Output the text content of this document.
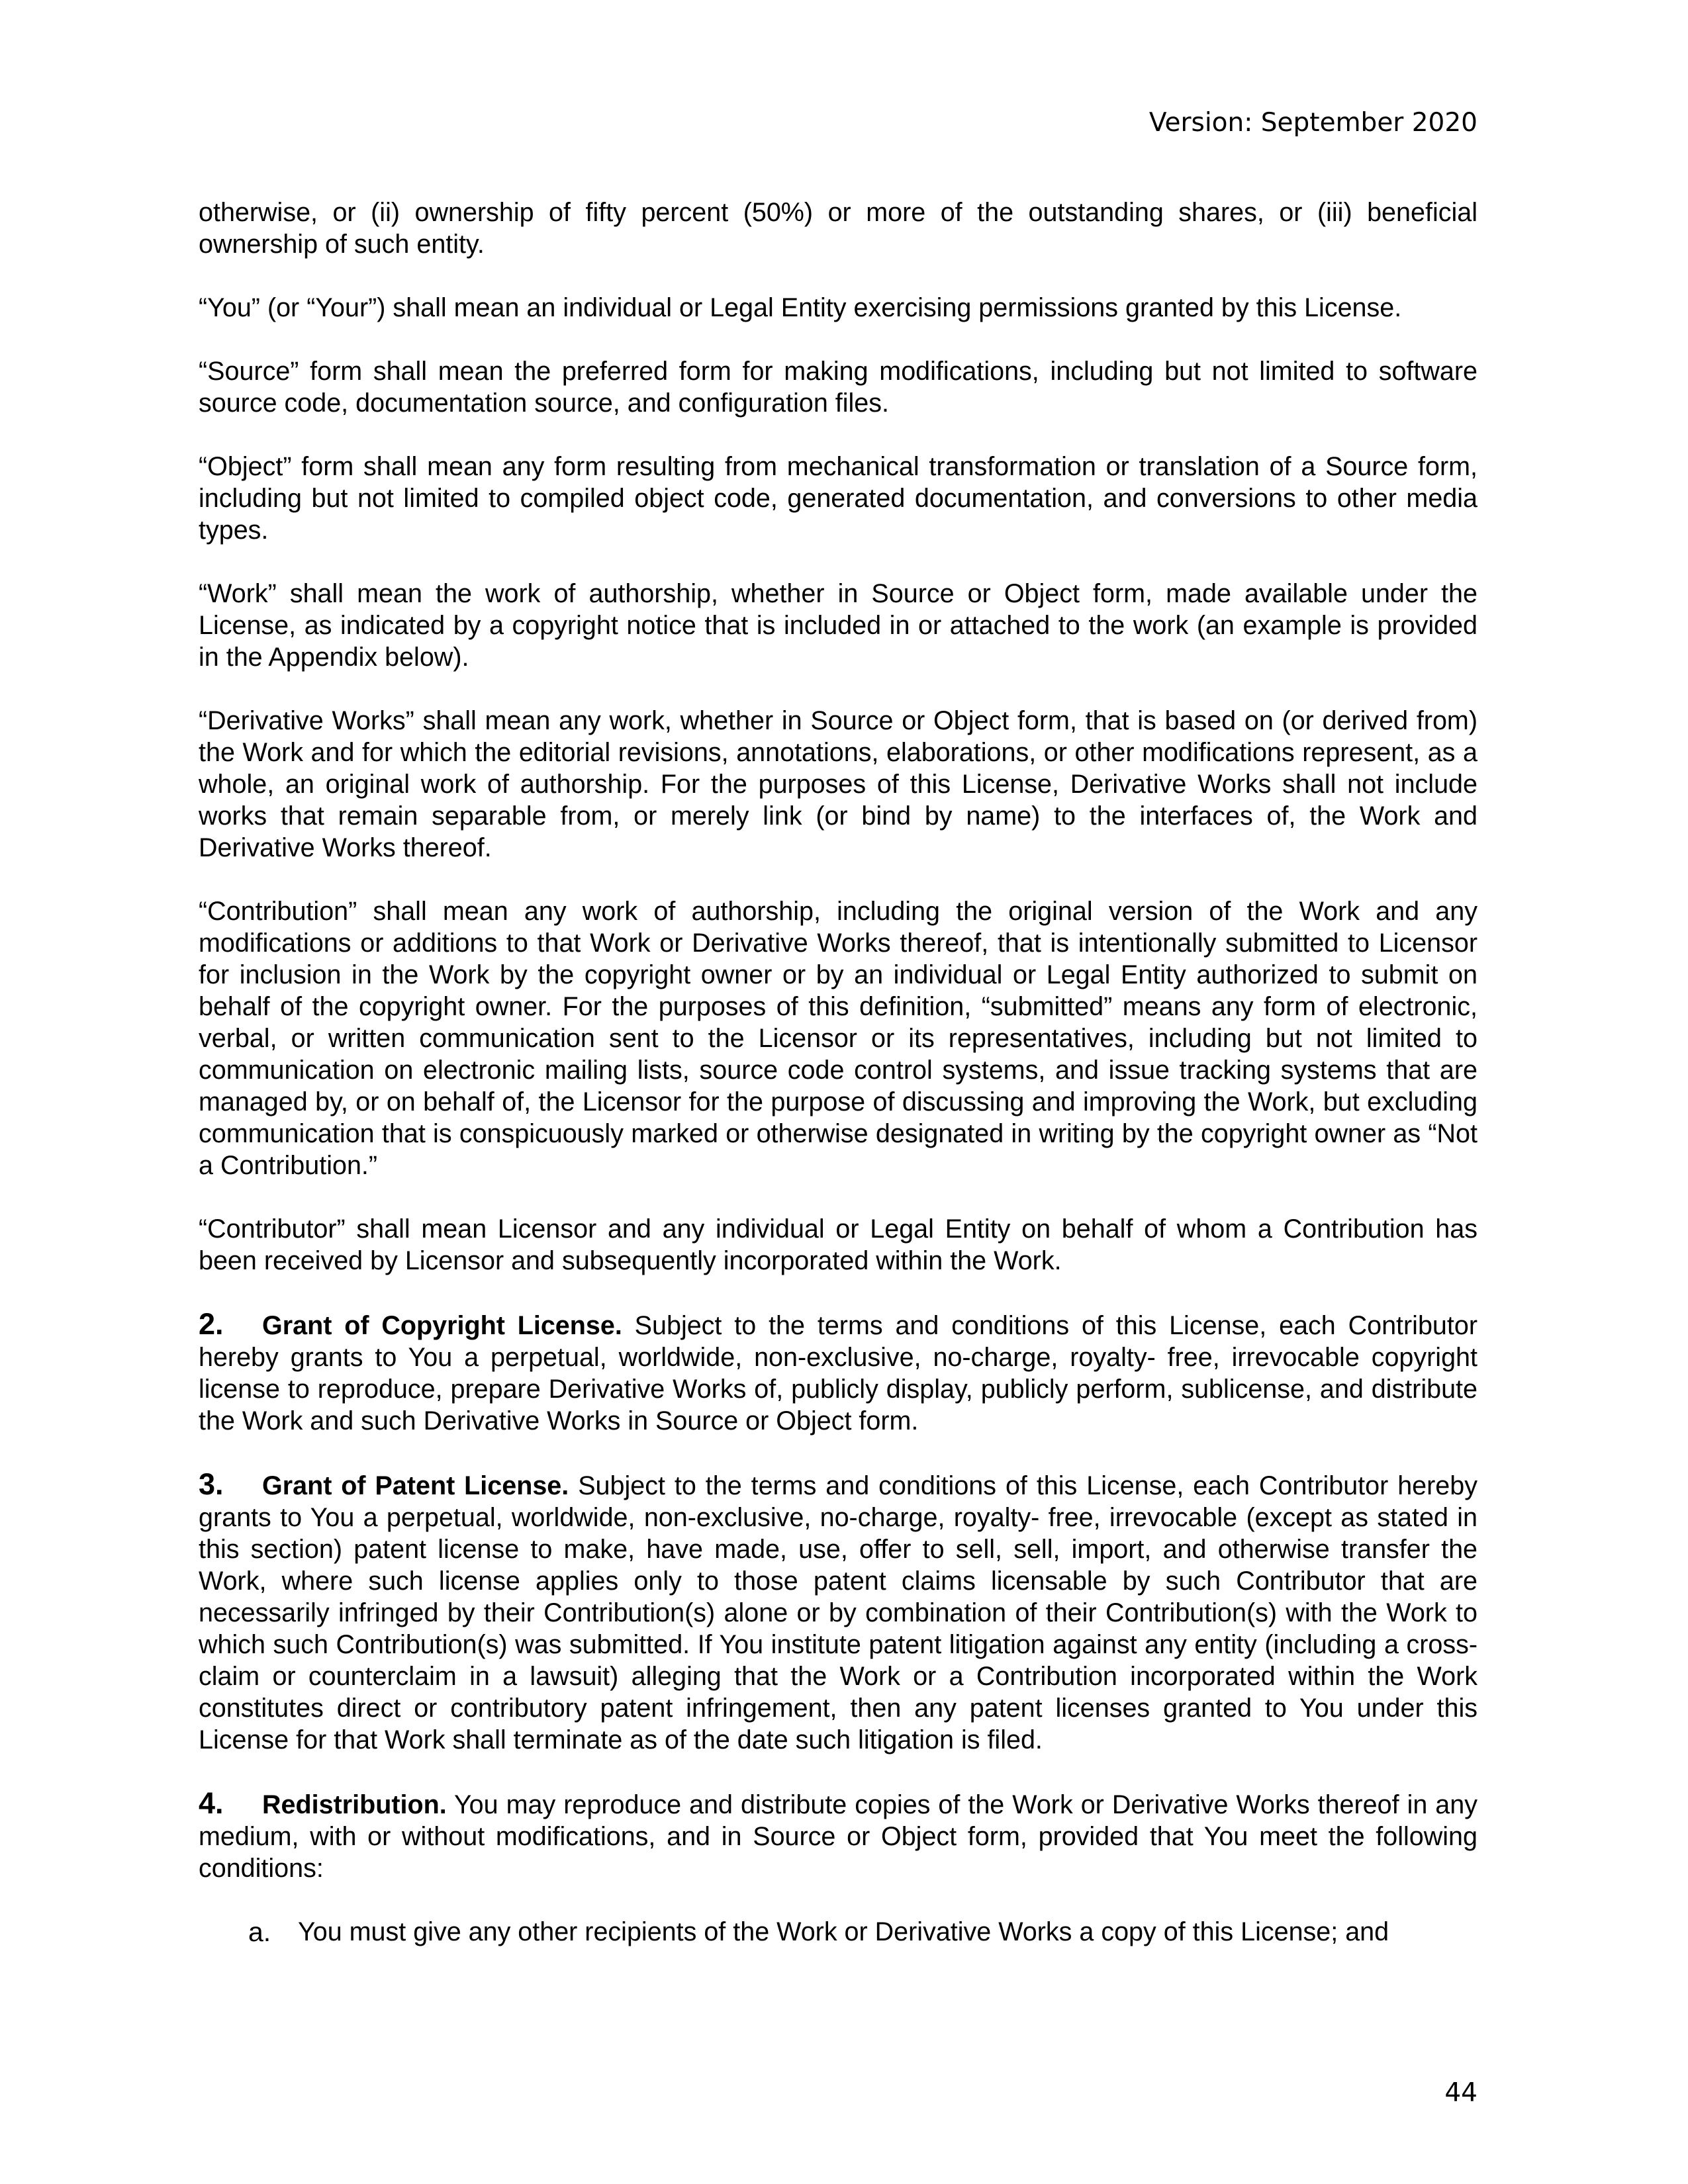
Version: September 2020

otherwise, or (ii) ownership of fifty percent (50%) or more of the outstanding shares, or (iii) beneficial ownership of such entity.

“You” (or “Your”) shall mean an individual or Legal Entity exercising permissions granted by this License.

“Source” form shall mean the preferred form for making modifications, including but not limited to software source code, documentation source, and configuration files.

“Object” form shall mean any form resulting from mechanical transformation or translation of a Source form, including but not limited to compiled object code, generated documentation, and conversions to other media types.

“Work” shall mean the work of authorship, whether in Source or Object form, made available under the License, as indicated by a copyright notice that is included in or attached to the work (an example is provided in the Appendix below).

“Derivative Works” shall mean any work, whether in Source or Object form, that is based on (or derived from) the Work and for which the editorial revisions, annotations, elaborations, or other modifications represent, as a whole, an original work of authorship. For the purposes of this License, Derivative Works shall not include works that remain separable from, or merely link (or bind by name) to the interfaces of, the Work and Derivative Works thereof.

“Contribution” shall mean any work of authorship, including the original version of the Work and any modifications or additions to that Work or Derivative Works thereof, that is intentionally submitted to Licensor for inclusion in the Work by the copyright owner or by an individual or Legal Entity authorized to submit on behalf of the copyright owner. For the purposes of this definition, “submitted” means any form of electronic, verbal, or written communication sent to the Licensor or its representatives, including but not limited to communication on electronic mailing lists, source code control systems, and issue tracking systems that are managed by, or on behalf of, the Licensor for the purpose of discussing and improving the Work, but excluding communication that is conspicuously marked or otherwise designated in writing by the copyright owner as “Not a Contribution.”

“Contributor” shall mean Licensor and any individual or Legal Entity on behalf of whom a Contribution has been received by Licensor and subsequently incorporated within the Work.

2. Grant of Copyright License. Subject to the terms and conditions of this License, each Contributor hereby grants to You a perpetual, worldwide, non-exclusive, no-charge, royalty- free, irrevocable copyright license to reproduce, prepare Derivative Works of, publicly display, publicly perform, sublicense, and distribute the Work and such Derivative Works in Source or Object form.

3. Grant of Patent License. Subject to the terms and conditions of this License, each Contributor hereby grants to You a perpetual, worldwide, non-exclusive, no-charge, royalty- free, irrevocable (except as stated in this section) patent license to make, have made, use, offer to sell, sell, import, and otherwise transfer the Work, where such license applies only to those patent claims licensable by such Contributor that are necessarily infringed by their Contribution(s) alone or by combination of their Contribution(s) with the Work to which such Contribution(s) was submitted. If You institute patent litigation against any entity (including a cross-claim or counterclaim in a lawsuit) alleging that the Work or a Contribution incorporated within the Work constitutes direct or contributory patent infringement, then any patent licenses granted to You under this License for that Work shall terminate as of the date such litigation is filed.

4. Redistribution. You may reproduce and distribute copies of the Work or Derivative Works thereof in any medium, with or without modifications, and in Source or Object form, provided that You meet the following conditions:

a.	You must give any other recipients of the Work or Derivative Works a copy of this License; and
44
